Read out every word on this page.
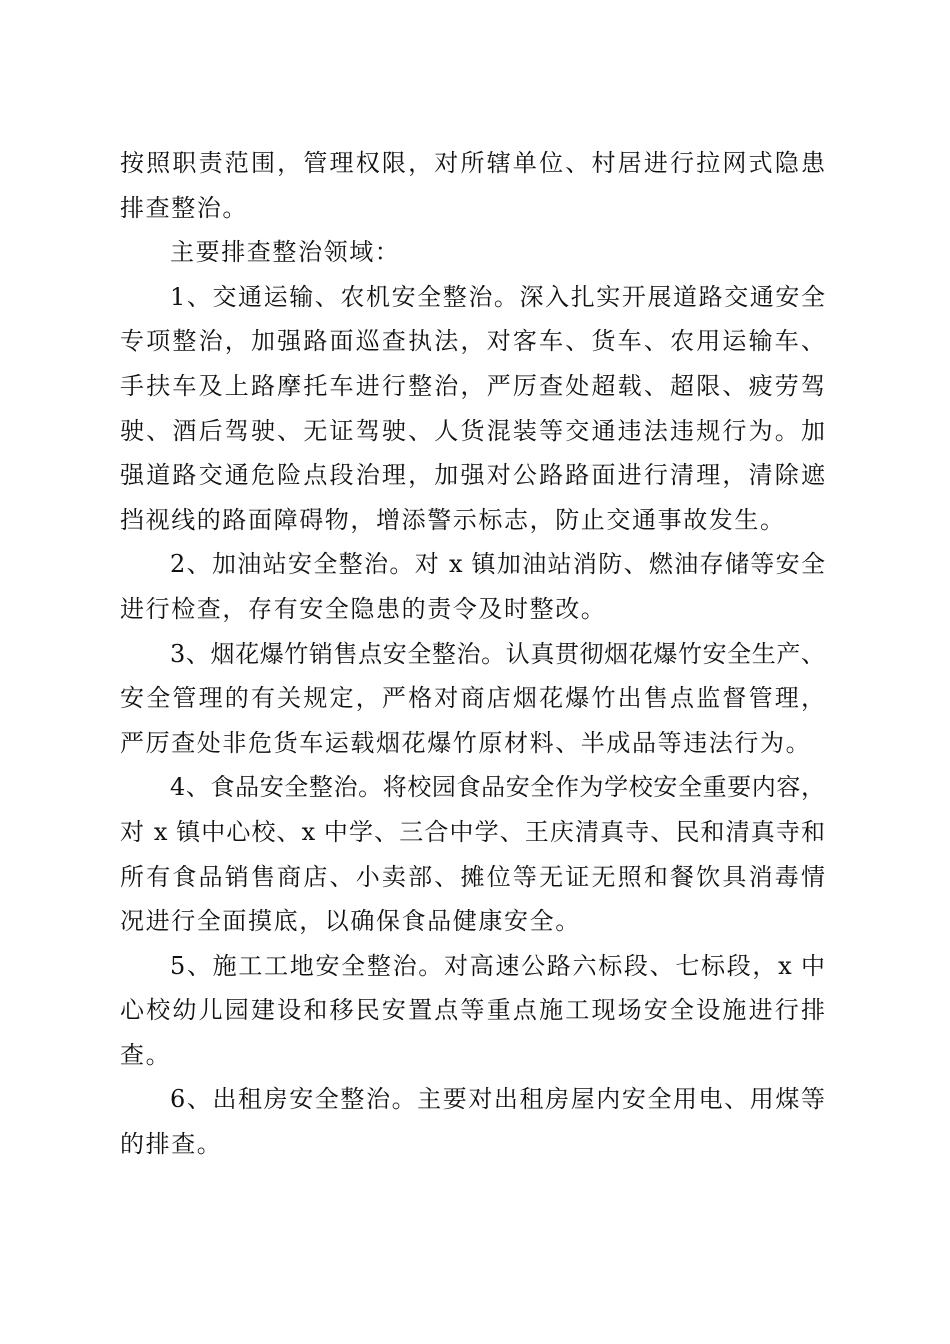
按照职责范围，管理权限，对所辖单位、村居进行拉网式隐患
排查整治。
主要排查整治领域：
1、交通运输、农机安全整治。深入扎实开展道路交通安全
专项整治，加强路面巡查执法，对客车、货车、农用运输车、
手扶车及上路摩托车进行整治，严厉查处超载、超限、疲劳驾
驶、酒后驾驶、无证驾驶、人货混装等交通违法违规行为。加
强道路交通危险点段治理，加强对公路路面进行清理，清除遮
挡视线的路面障碍物，增添警示标志，防止交通事故发生。
2、加油站安全整治。对 x 镇加油站消防、燃油存储等安全
进行检查，存有安全隐患的责令及时整改。
3、烟花爆竹销售点安全整治。认真贯彻烟花爆竹安全生产、
安全管理的有关规定，严格对商店烟花爆竹出售点监督管理，
严厉查处非危货车运载烟花爆竹原材料、半成品等违法行为。
4、食品安全整治。将校园食品安全作为学校安全重要内容，
对 x 镇中心校、x 中学、三合中学、王庆清真寺、民和清真寺和
所有食品销售商店、小卖部、摊位等无证无照和餐饮具消毒情
况进行全面摸底，以确保食品健康安全。
5、施工工地安全整治。对高速公路六标段、七标段，x 中
心校幼儿园建设和移民安置点等重点施工现场安全设施进行排
查。
6、出租房安全整治。主要对出租房屋内安全用电、用煤等
的排查。
